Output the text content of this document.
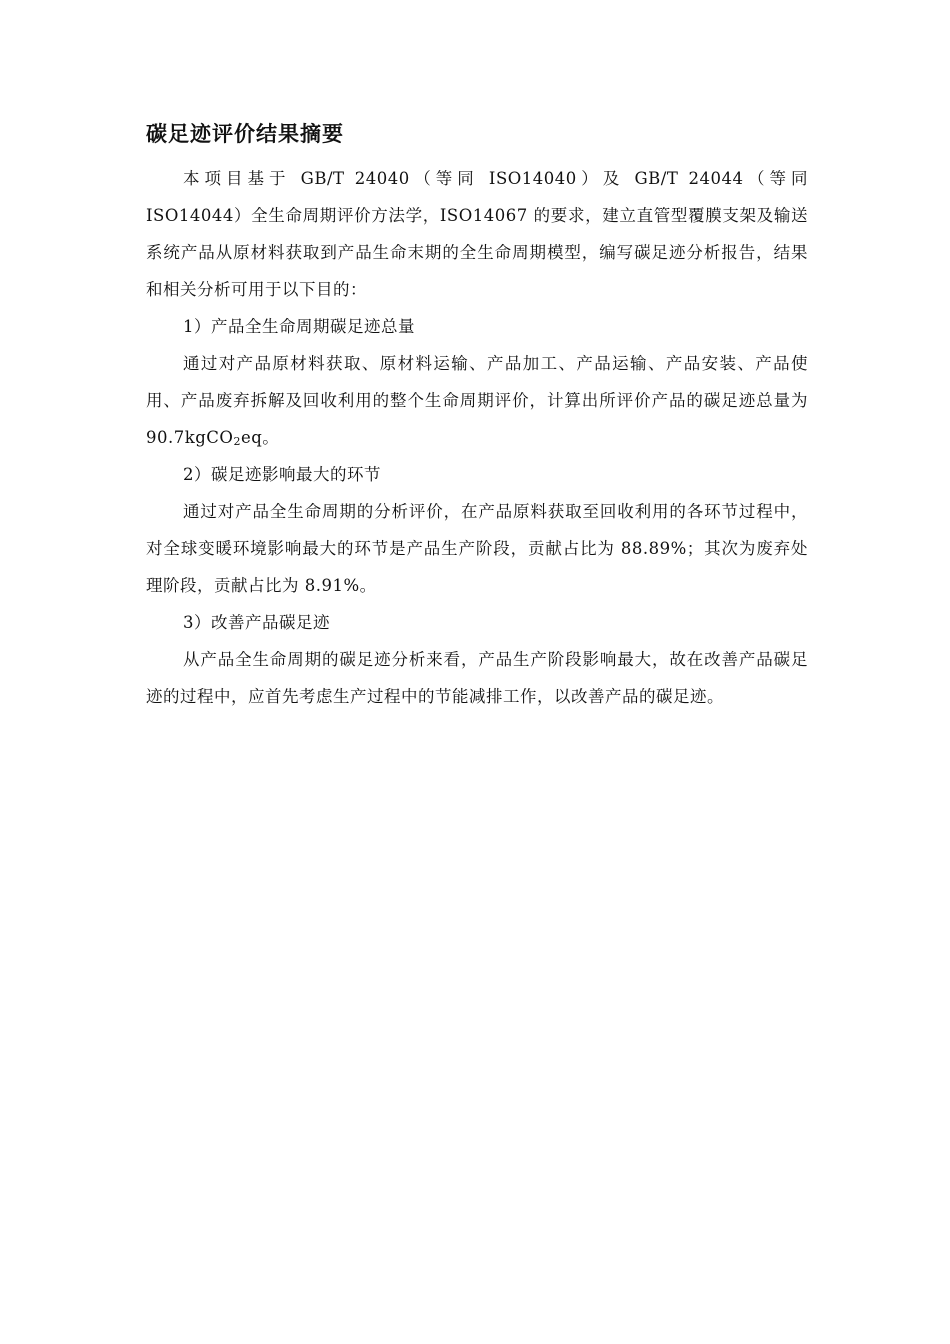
碳足迹评价结果摘要

本项目基于 GB/T 24040（等同 ISO14040）及 GB/T 24044（等同 ISO14044）全生命周期评价方法学，ISO14067 的要求，建立直管型覆膜支架及输送系统产品从原材料获取到产品生命末期的全生命周期模型，编写碳足迹分析报告，结果和相关分析可用于以下目的：

1）产品全生命周期碳足迹总量

通过对产品原材料获取、原材料运输、产品加工、产品运输、产品安装、产品使用、产品废弃拆解及回收利用的整个生命周期评价，计算出所评价产品的碳足迹总量为 90.7kgCO$_2$eq。

2）碳足迹影响最大的环节

通过对产品全生命周期的分析评价，在产品原料获取至回收利用的各环节过程中，对全球变暖环境影响最大的环节是产品生产阶段，贡献占比为 88.89%；其次为废弃处理阶段，贡献占比为 8.91%。

3）改善产品碳足迹

从产品全生命周期的碳足迹分析来看，产品生产阶段影响最大，故在改善产品碳足迹的过程中，应首先考虑生产过程中的节能减排工作，以改善产品的碳足迹。
